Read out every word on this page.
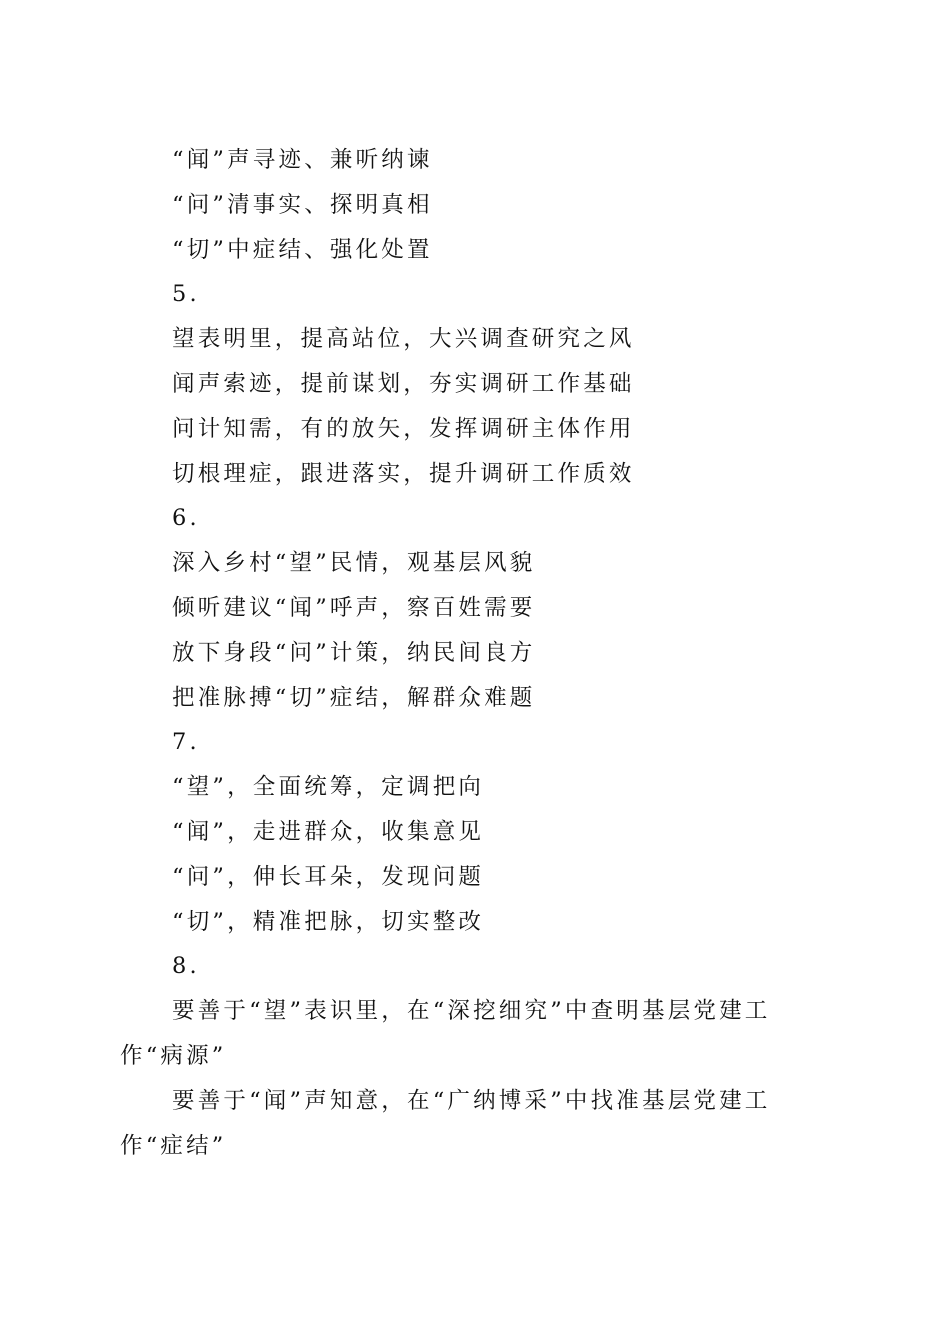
“闻”声寻迹、兼听纳谏
“问”清事实、探明真相
“切”中症结、强化处置
5.
望表明里，提高站位，大兴调查研究之风
闻声索迹，提前谋划，夯实调研工作基础
问计知需，有的放矢，发挥调研主体作用
切根理症，跟进落实，提升调研工作质效
6.
深入乡村“望”民情，观基层风貌
倾听建议“闻”呼声，察百姓需要
放下身段“问”计策，纳民间良方
把准脉搏“切”症结，解群众难题
7.
“望”，全面统筹，定调把向
“闻”，走进群众，收集意见
“问”，伸长耳朵，发现问题
“切”，精准把脉，切实整改
8.
要善于“望”表识里，在“深挖细究”中查明基层党建工作“病源”
要善于“闻”声知意，在“广纳博采”中找准基层党建工作“症结”
